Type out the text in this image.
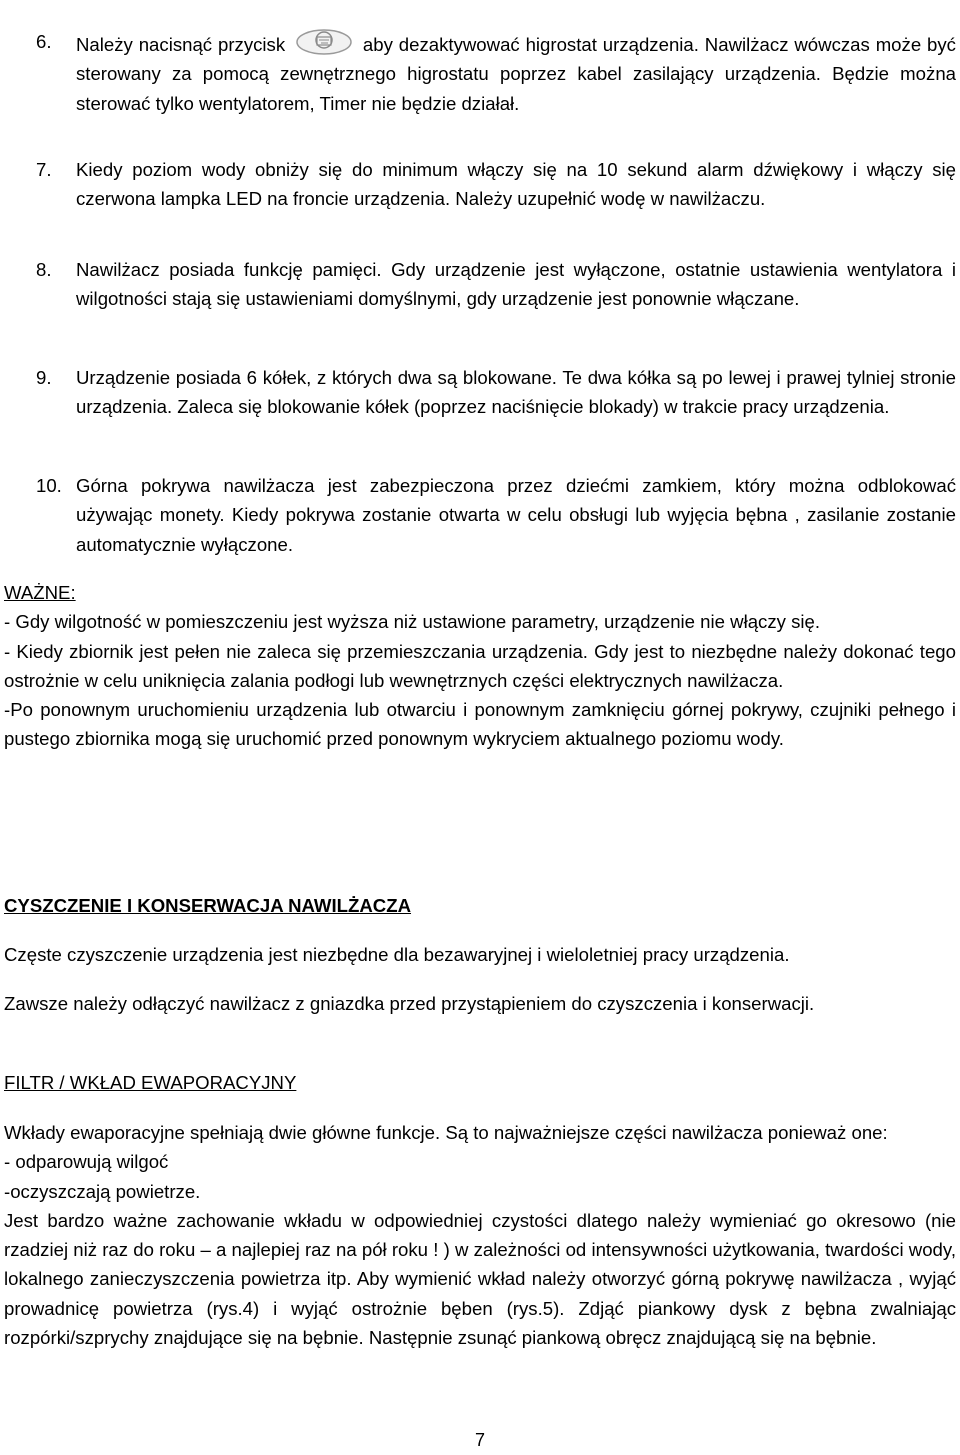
6.	Należy nacisnąć przycisk	aby dezaktywować higrostat urządzenia. Nawilżacz wówczas może być sterowany za pomocą zewnętrznego higrostatu poprzez kabel zasilający urządzenia. Będzie można sterować tylko wentylatorem, Timer nie będzie działał.
7.	Kiedy poziom wody obniży się do minimum włączy się na 10 sekund alarm dźwiękowy i włączy się czerwona lampka LED na froncie urządzenia. Należy uzupełnić wodę w nawilżaczu.
8.	Nawilżacz posiada funkcję pamięci. Gdy urządzenie jest wyłączone, ostatnie ustawienia wentylatora i wilgotności stają się ustawieniami domyślnymi, gdy urządzenie jest ponownie włączane.
9.	Urządzenie posiada 6 kółek, z których dwa są blokowane. Te dwa kółka są po lewej i prawej tylniej stronie urządzenia. Zaleca się blokowanie kółek (poprzez naciśnięcie blokady) w trakcie pracy urządzenia.
10. Górna pokrywa nawilżacza jest zabezpieczona przez dziećmi zamkiem, który można odblokować używając monety. Kiedy pokrywa zostanie otwarta w celu obsługi lub wyjęcia bębna , zasilanie zostanie automatycznie wyłączone.

WAŻNE:

- Gdy wilgotność w pomieszczeniu jest wyższa niż ustawione parametry, urządzenie nie włączy się.

- Kiedy zbiornik jest pełen nie zaleca się przemieszczania urządzenia. Gdy jest to niezbędne należy dokonać tego ostrożnie w celu uniknięcia zalania podłogi lub wewnętrznych części elektrycznych nawilżacza.

-Po ponownym uruchomieniu urządzenia lub otwarciu i ponownym zamknięciu górnej pokrywy, czujniki pełnego i pustego zbiornika mogą się uruchomić przed ponownym wykryciem aktualnego poziomu wody.

CYSZCZENIE I KONSERWACJA NAWILŻACZA

Częste czyszczenie urządzenia jest niezbędne dla bezawaryjnej i wieloletniej pracy urządzenia.

Zawsze należy odłączyć nawilżacz z gniazdka przed przystąpieniem do czyszczenia i konserwacji.

FILTR / WKŁAD EWAPORACYJNY

Wkłady ewaporacyjne spełniają dwie główne funkcje. Są to najważniejsze części nawilżacza ponieważ one:

- odparowują wilgoć

-oczyszczają powietrze.

Jest bardzo ważne zachowanie wkładu w odpowiedniej czystości dlatego należy wymieniać go okresowo (nie rzadziej niż raz do roku – a najlepiej raz na pół roku ! ) w zależności od intensywności użytkowania, twardości wody, lokalnego zanieczyszczenia powietrza itp. Aby wymienić wkład należy otworzyć górną pokrywę nawilżacza , wyjąć prowadnicę powietrza (rys.4) i wyjąć ostrożnie bęben (rys.5). Zdjąć piankowy dysk z bębna zwalniając rozpórki/szprychy znajdujące się na bębnie. Następnie zsunąć piankową obręcz znajdującą się na bębnie.

7
